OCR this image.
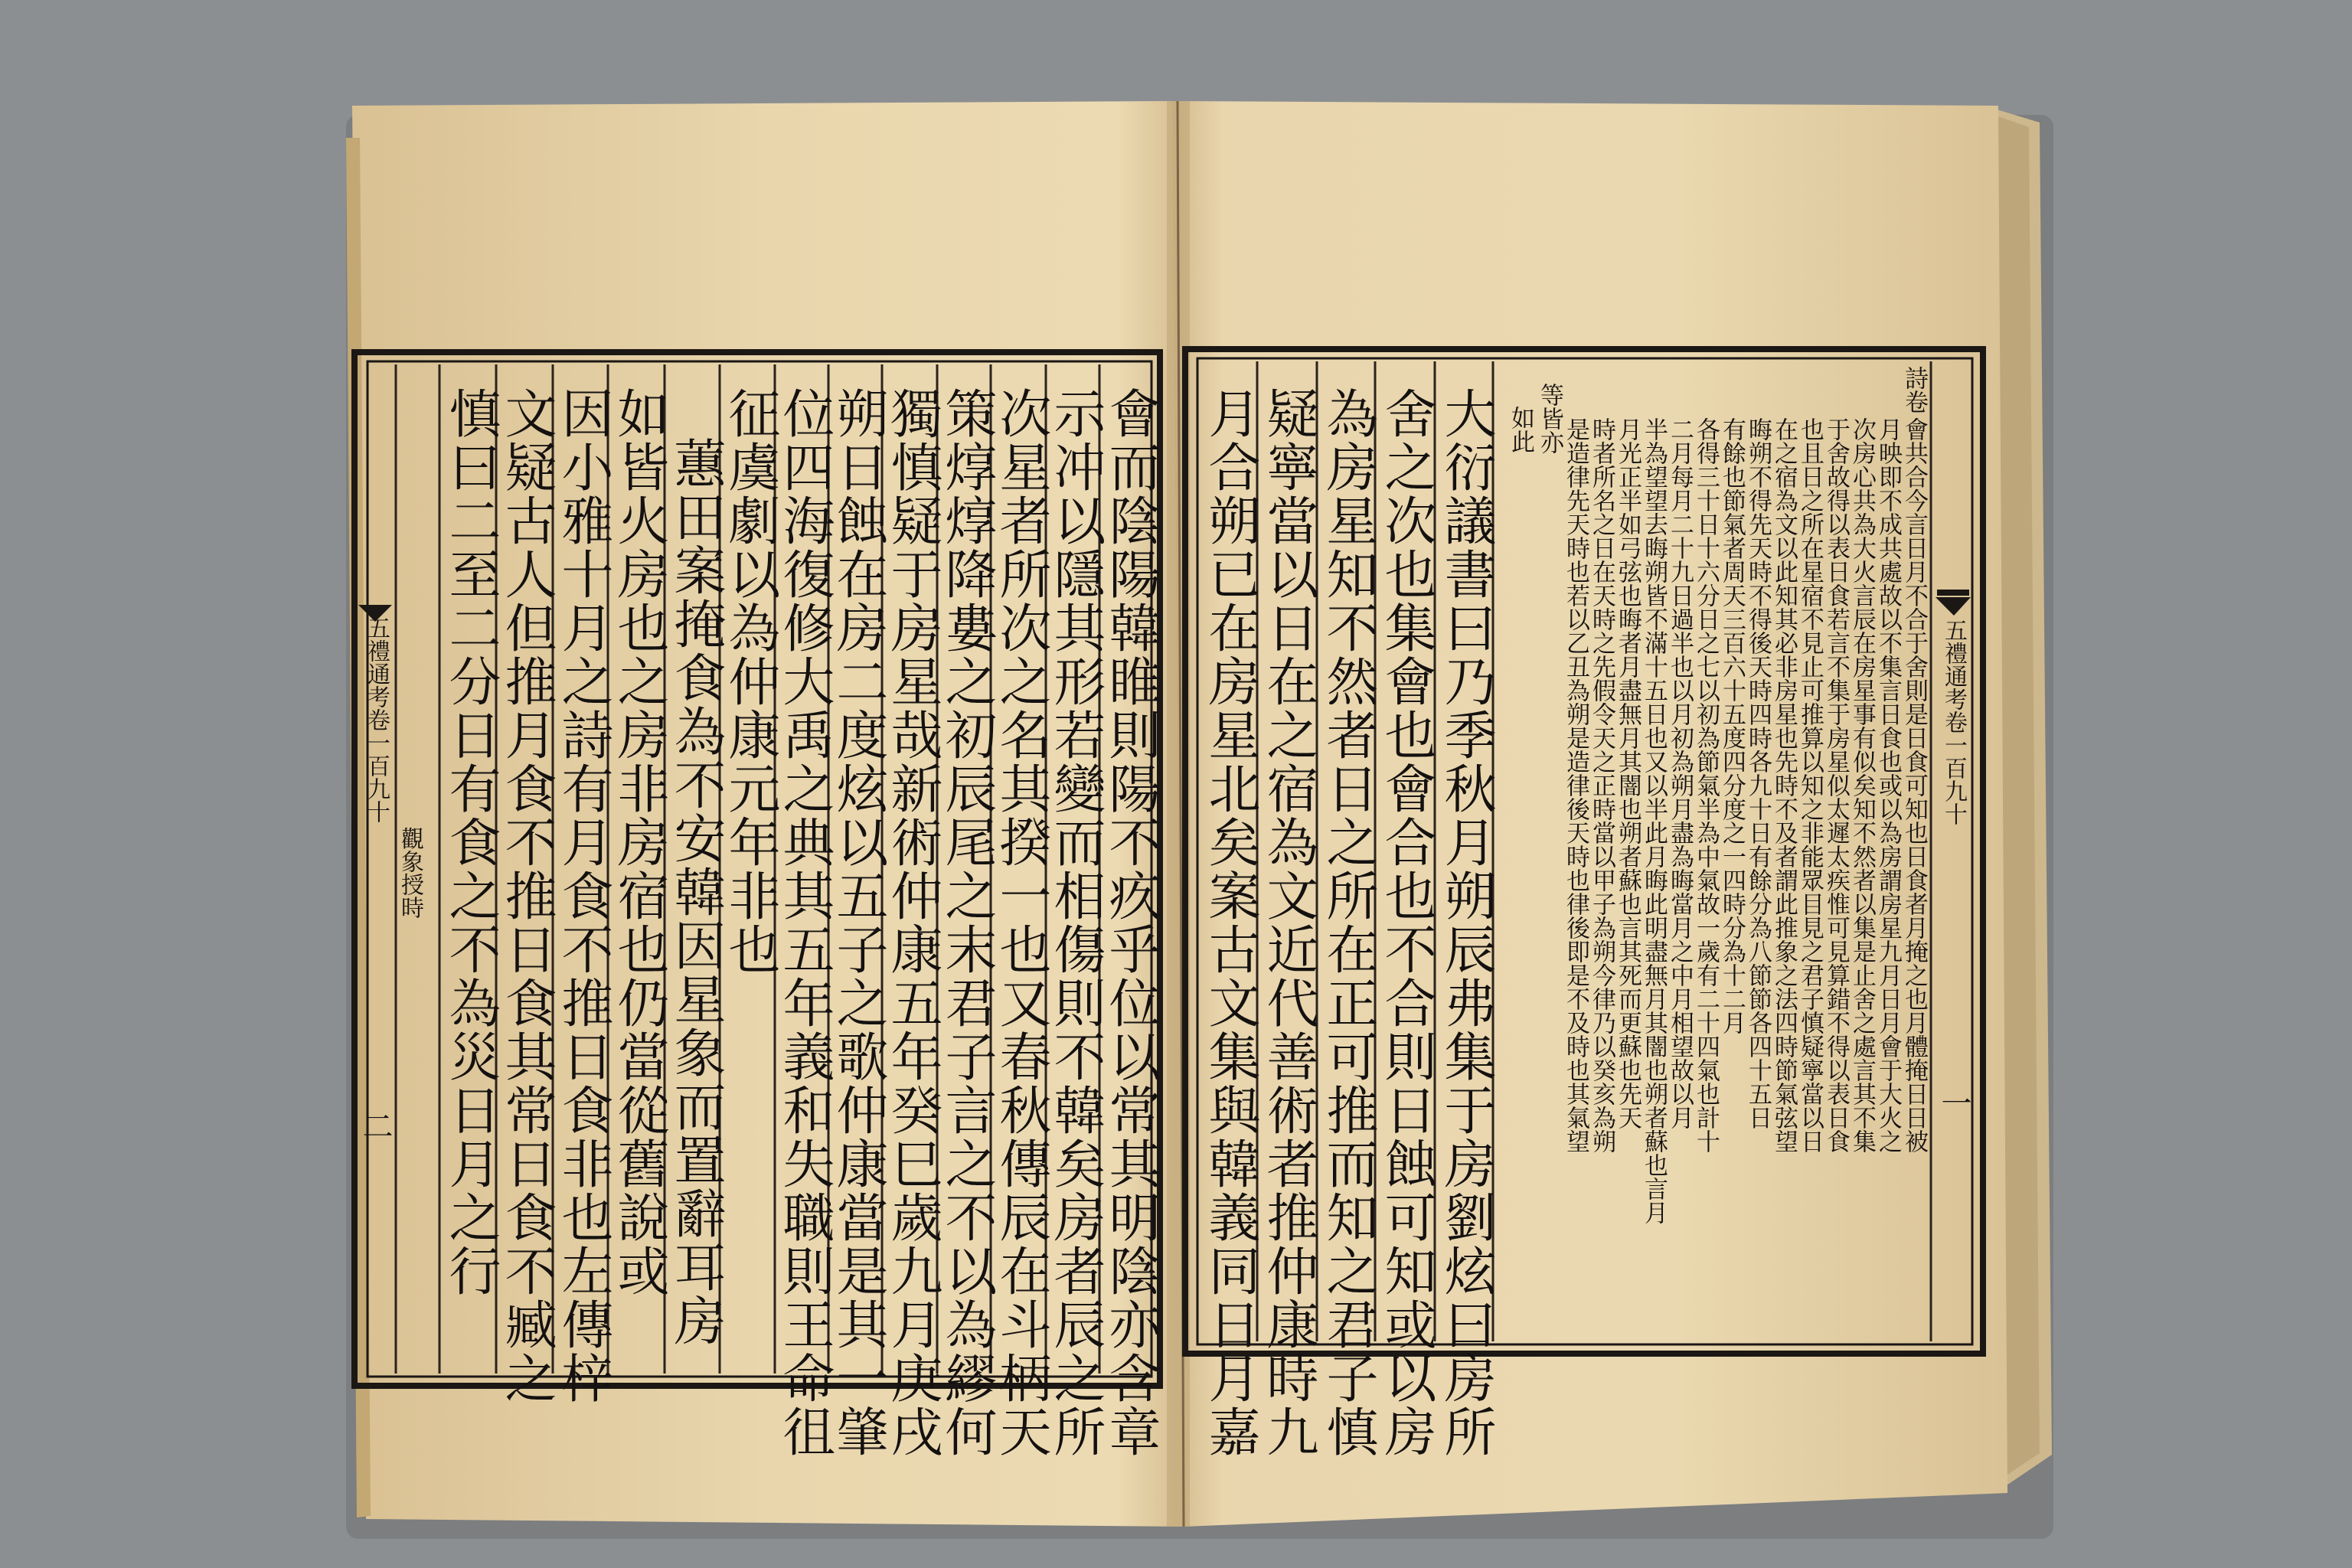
會而陰陽韓睢則陽不疚乎位以常其明陰亦含章

示冲以隱其形若變而相傷則不韓矣房者辰之所

次星者所次之名其揆一也又春秋傳辰在斗柄天

策焞焞降婁之初辰尾之末君子言之不以為繆何

獨慎疑于房星哉新術仲康五年癸巳歲九月庚戌

朔日蝕在房二度炫以五子之歌仲康當是其一肇

位四海復修大禹之典其五年義和失職則王命徂

征虞劇以為仲康元年非也

蕙田案掩食為不安韓因星象而置辭耳房

如皆火房也之房非房宿也仍當從舊說或

因小雅十月之詩有月食不推日食非也左傳梓

文疑古人但推月食不推日食其常日食不臧之

慎曰二至二分日有食之不為災日月之行

五禮通考卷一百九十

觀象授時

二	大衍議書曰乃季秋月朔辰弗集于房劉炫曰房所

舍之次也集會也會合也不合則日蝕可知或以房

為房星知不然者日之所在正可推而知之君子慎

疑寧當以日在之宿為文近代善術者推仲康時九

月合朔已在房星北矣案古文集與韓義同日月嘉	詩卷

會共合今言日月不合于舍則是日食可知也日食者月掩之也月體掩日日被

月映即不成共處故以不集言日食也或以為房謂房星九月日月會于大火之

次房心共為大火言辰在房星事有似矣知不然者以集是止舍之處言其不集

于舍故得以表日食若言不集于房星似太遲太疾惟可見算錯不得以表日食

也且日之所在星宿不見止可推算以知之非能眾目見之君子慎疑寧當以日

在之宿為文以此知其必非房星也先時不及者謂此推象之法四時節氣弦望

晦朔不得先天時不得後天時四時各九十日有餘分為八節節各四十五日

有餘也節氣者周天三百六十五度四分度之一四時分為十二月

各得三十日十六分日之七以初為節氣半為中氣故一歲有二十四氣也計十

二月每月二十九日過半也以月初為朔月盡為晦當月之中月相望故以月

半為望望去晦朔皆不滿十五日也又以半此月晦此明盡無月其闇也朔者蘇也言月

月光正半如弓弦也晦者月盡無月其闇也朔者蘇也言其死而更蘇也先天

時者所名之日在天時之先假令天之正時當以甲子為朔今律乃以癸亥為朔

是造律先天時也若以乙丑為朔是造律後天時也律後即是不及時也其氣望

等皆亦

如此

五禮通考卷一百九十

一
